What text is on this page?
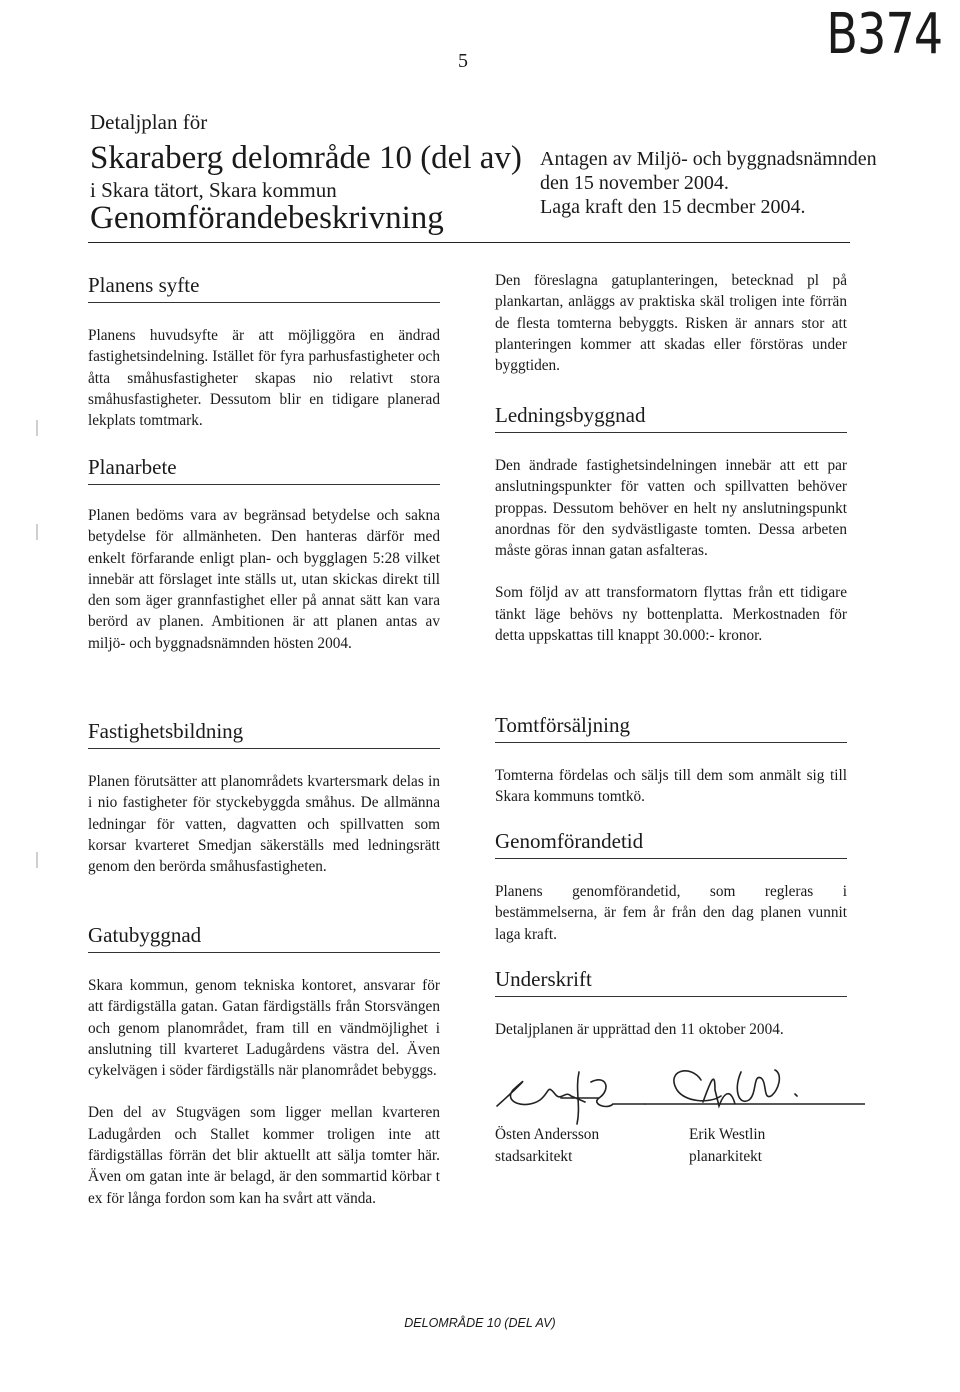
5	B374
Detaljplan för
Skaraberg delområde 10 (del av)
i Skara tätort, Skara kommun
Genomförandebeskrivning
Antagen av Miljö- och byggnadsnämnden
den 15 november 2004.
Laga kraft den 15 decmber 2004.
Planens syfte

Planens huvudsyfte är att möjliggöra en ändrad fastighetsindelning. Istället för fyra parhusfastigheter och åtta småhusfastigheter skapas nio relativt stora småhusfastigheter. Dessutom blir en tidigare planerad lekplats tomtmark.

Planarbete

Planen bedöms vara av begränsad betydelse och sakna betydelse för allmänheten. Den hanteras därför med enkelt förfarande enligt plan- och bygglagen 5:28 vilket innebär att förslaget inte ställs ut, utan skickas direkt till den som äger grannfastighet eller på annat sätt kan vara berörd av planen. Ambitionen är att planen antas av miljö- och byggnadsnämnden hösten 2004.

Fastighetsbildning

Planen förutsätter att planområdets kvartersmark delas in i nio fastigheter för styckebyggda småhus. De allmänna ledningar för vatten, dagvatten och spillvatten som korsar kvarteret Smedjan säkerställs med ledningsrätt genom den berörda småhusfastigheten.

Gatubyggnad

Skara kommun, genom tekniska kontoret, ansvarar för att färdigställa gatan. Gatan färdigställs från Storsvängen och genom planområdet, fram till en vändmöjlighet i anslutning till kvarteret Ladugårdens västra del. Även cykelvägen i söder färdigställs när planområdet bebyggs.

Den del av Stugvägen som ligger mellan kvarteren Ladugården och Stallet kommer troligen inte att färdigställas förrän det blir aktuellt att sälja tomter här. Även om gatan inte är belagd, är den sommartid körbar t ex för långa fordon som kan ha svårt att vända.

Den föreslagna gatuplanteringen, betecknad pl på plankartan, anläggs av praktiska skäl troligen inte förrän de flesta tomterna bebyggts. Risken är annars stor att planteringen kommer att skadas eller förstöras under byggtiden.

Ledningsbyggnad

Den ändrade fastighetsindelningen innebär att ett par anslutningspunkter för vatten och spillvatten behöver proppas. Dessutom behöver en helt ny anslutningspunkt anordnas för den sydvästligaste tomten. Dessa arbeten måste göras innan gatan asfalteras.

Som följd av att transformatorn flyttas från ett tidigare tänkt läge behövs ny bottenplatta. Merkostnaden för detta uppskattas till knappt 30.000:- kronor.

Tomtförsäljning

Tomterna fördelas och säljs till dem som anmält sig till Skara kommuns tomtkö.

Genomförandetid

Planens genomförandetid, som regleras i bestämmelserna, är fem år från den dag planen vunnit laga kraft.

Underskrift

Detaljplanen är upprättad den 11 oktober 2004.

Östen Andersson
stadsarkitekt
Erik Westlin
planarkitekt
DELOMRÅDE 10 (DEL AV)
